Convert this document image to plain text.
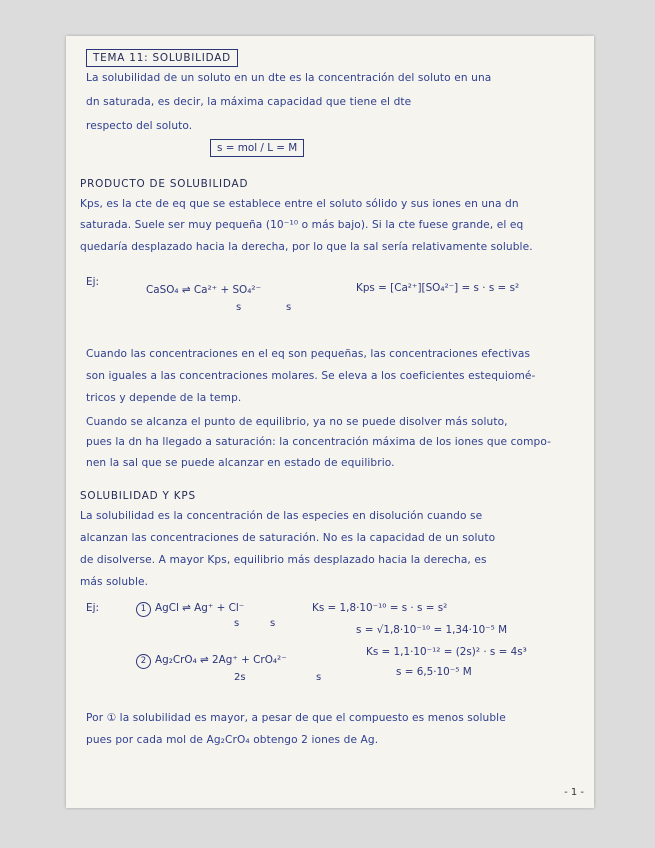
TEMA 11: SOLUBILIDAD
La solubilidad de un soluto en un dte es la concentración del soluto en una
dn saturada, es decir, la máxima capacidad que tiene el dte
respecto del soluto.
s = mol / L = M
PRODUCTO DE SOLUBILIDAD
Kps, es la cte de eq que se establece entre el soluto sólido y sus iones en una dn
saturada. Suele ser muy pequeña (10⁻¹⁰ o más bajo). Si la cte fuese grande, el eq
quedaría desplazado hacia la derecha, por lo que la sal sería relativamente soluble.
Ej:
CaSO₄ ⇌ Ca²⁺ + SO₄²⁻
s	s
Kps = [Ca²⁺][SO₄²⁻] = s · s = s²
Cuando las concentraciones en el eq son pequeñas, las concentraciones efectivas
son iguales a las concentraciones molares. Se eleva a los coeficientes estequiomé-
tricos y depende de la temp.
Cuando se alcanza el punto de equilibrio, ya no se puede disolver más soluto,
pues la dn ha llegado a saturación: la concentración máxima de los iones que compo-
nen la sal que se puede alcanzar en estado de equilibrio.
SOLUBILIDAD Y KPS
La solubilidad es la concentración de las especies en disolución cuando se
alcanzan las concentraciones de saturación. No es la capacidad de un soluto
de disolverse. A mayor Kps, equilibrio más desplazado hacia la derecha, es
más soluble.
Ej:	1 AgCl ⇌ Ag⁺ + Cl⁻
s	s
Ks = 1,8·10⁻¹⁰ = s · s = s²
s = √1,8·10⁻¹⁰ = 1,34·10⁻⁵ M
2 Ag₂CrO₄ ⇌ 2Ag⁺ + CrO₄²⁻
2s	s
Ks = 1,1·10⁻¹² = (2s)² · s = 4s³
s = 6,5·10⁻⁵ M
Por ① la solubilidad es mayor, a pesar de que el compuesto es menos soluble
pues por cada mol de Ag₂CrO₄ obtengo 2 iones de Ag.
- 1 -
